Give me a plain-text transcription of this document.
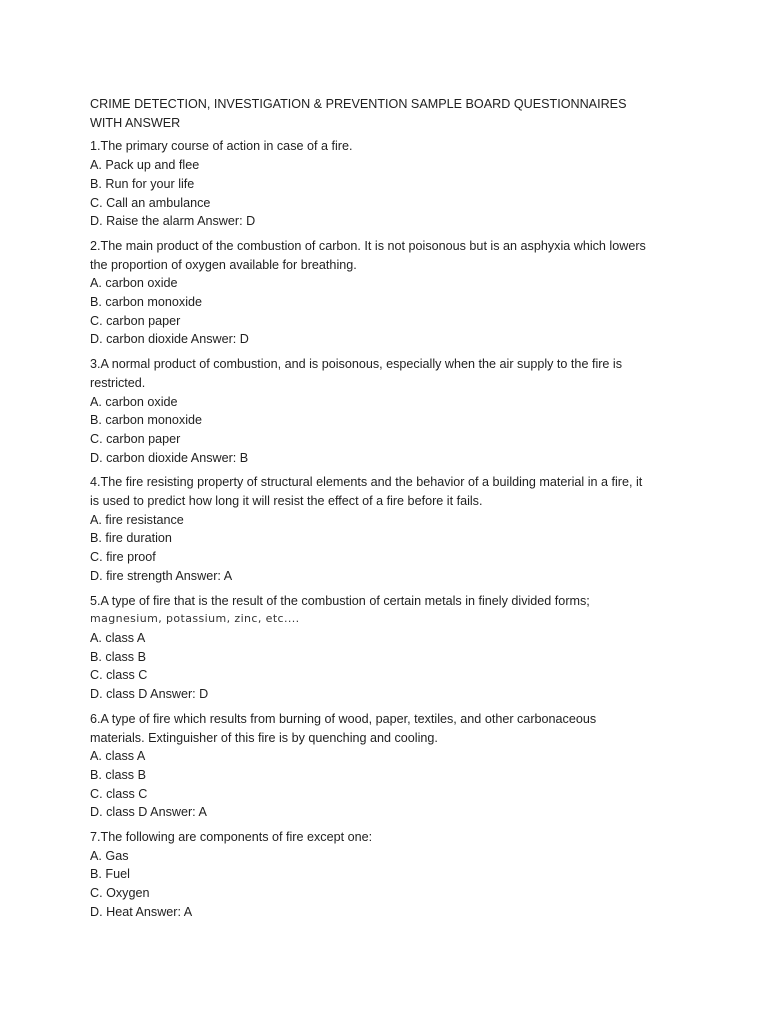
CRIME DETECTION, INVESTIGATION & PREVENTION SAMPLE BOARD QUESTIONNAIRES
WITH ANSWER
1.The primary course of action in case of a fire.
A. Pack up and flee
B. Run for your life
C. Call an ambulance
D. Raise the alarm Answer: D
2.The main product of the combustion of carbon. It is not poisonous but is an asphyxia which lowers
the proportion of oxygen available for breathing.
A. carbon oxide
B. carbon monoxide
C. carbon paper
D. carbon dioxide Answer: D
3.A normal product of combustion, and is poisonous, especially when the air supply to the fire is
restricted.
A. carbon oxide
B. carbon monoxide
C. carbon paper
D. carbon dioxide Answer: B
4.The fire resisting property of structural elements and the behavior of a building material in a fire, it
is used to predict how long it will resist the effect of a fire before it fails.
A. fire resistance
B. fire duration
C. fire proof
D. fire strength Answer: A
5.A type of fire that is the result of the combustion of certain metals in finely divided forms;
magnesium, potassium, zinc, etc....
A. class A
B. class B
C. class C
D. class D Answer: D
6.A type of fire which results from burning of wood, paper, textiles, and other carbonaceous
materials. Extinguisher of this fire is by quenching and cooling.
A. class A
B. class B
C. class C
D. class D Answer: A
7.The following are components of fire except one:
A. Gas
B. Fuel
C. Oxygen
D. Heat Answer: A
